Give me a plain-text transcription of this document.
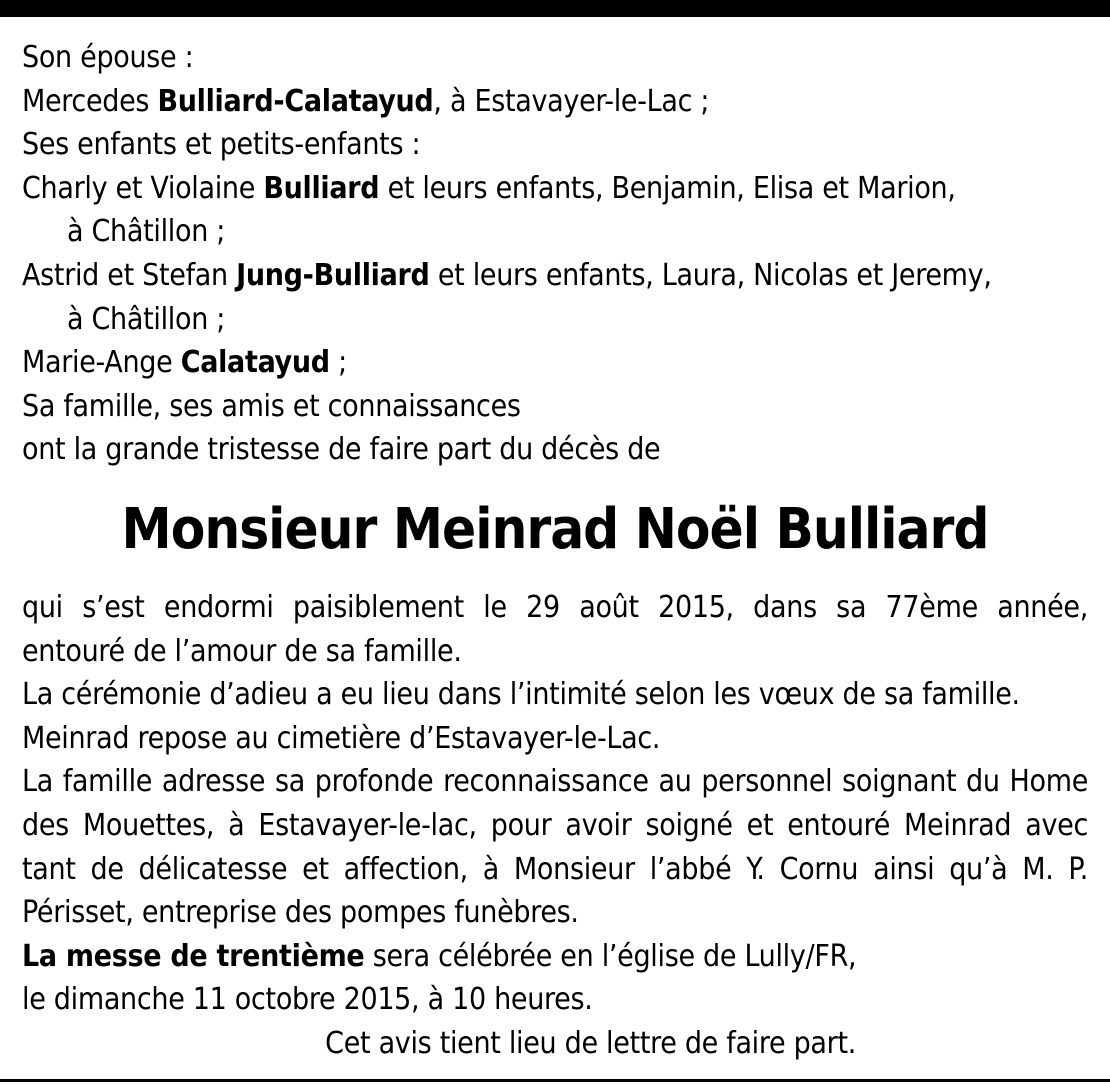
Son épouse :
Mercedes Bulliard-Calatayud, à Estavayer-le-Lac ;
Ses enfants et petits-enfants :
Charly et Violaine Bulliard et leurs enfants, Benjamin, Elisa et Marion,
à Châtillon ;
Astrid et Stefan Jung-Bulliard et leurs enfants, Laura, Nicolas et Jeremy,
à Châtillon ;
Marie-Ange Calatayud ;
Sa famille, ses amis et connaissances
ont la grande tristesse de faire part du décès de
Monsieur Meinrad Noël Bulliard
qui s’est endormi paisiblement le 29 août 2015, dans sa 77ème année,
entouré de l’amour de sa famille.
La cérémonie d’adieu a eu lieu dans l’intimité selon les vœux de sa famille.
Meinrad repose au cimetière d’Estavayer-le-Lac.
La famille adresse sa profonde reconnaissance au personnel soignant du Home des Mouettes, à Estavayer-le-lac, pour avoir soigné et entouré Meinrad avec tant de délicatesse et affection, à Monsieur l’abbé Y. Cornu ainsi qu’à M. P. Périsset, entreprise des pompes funèbres.
La messe de trentième sera célébrée en l’église de Lully/FR,
le dimanche 11 octobre 2015, à 10 heures.
Cet avis tient lieu de lettre de faire part.
